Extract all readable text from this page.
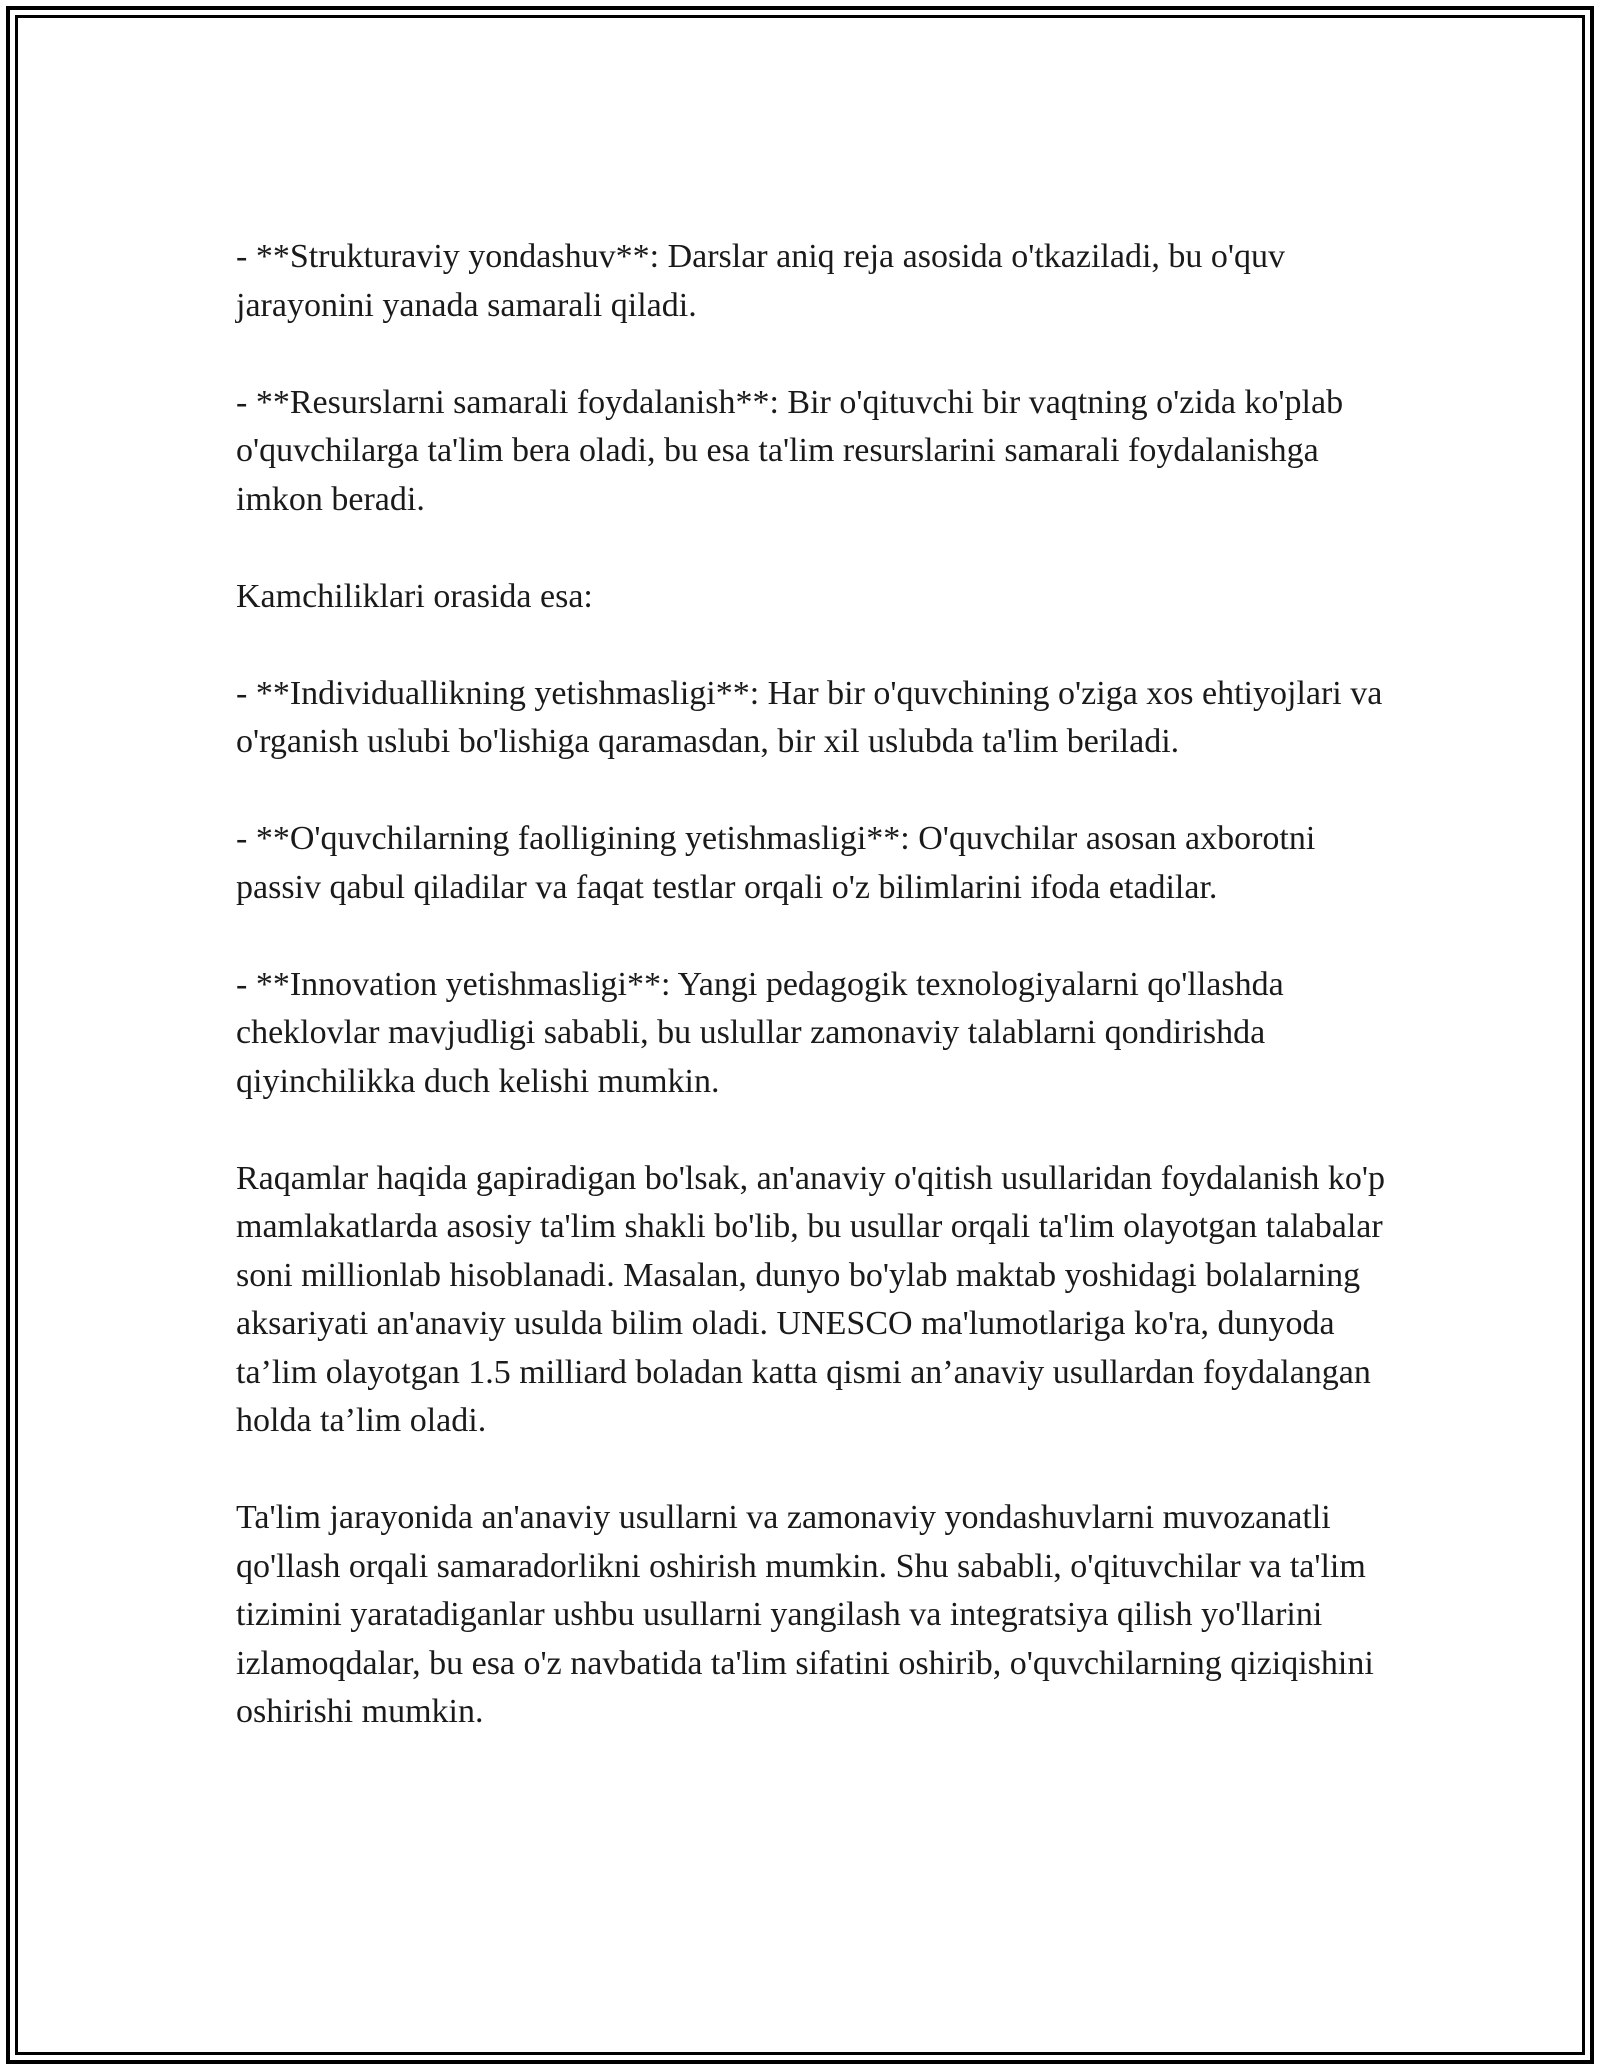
- **Strukturaviy yondashuv**: Darslar aniq reja asosida o'tkaziladi, bu o'quv jarayonini yanada samarali qiladi.

- **Resurslarni samarali foydalanish**: Bir o'qituvchi bir vaqtning o'zida ko'plab o'quvchilarga ta'lim bera oladi, bu esa ta'lim resurslarini samarali foydalanishga imkon beradi.

Kamchiliklari orasida esa:

- **Individuallikning yetishmasligi**: Har bir o'quvchining o'ziga xos ehtiyojlari va o'rganish uslubi bo'lishiga qaramasdan, bir xil uslubda ta'lim beriladi.

- **O'quvchilarning faolligining yetishmasligi**: O'quvchilar asosan axborotni passiv qabul qiladilar va faqat testlar orqali o'z bilimlarini ifoda etadilar.

- **Innovation yetishmasligi**: Yangi pedagogik texnologiyalarni qo'llashda cheklovlar mavjudligi sababli, bu uslullar zamonaviy talablarni qondirishda qiyinchilikka duch kelishi mumkin.

Raqamlar haqida gapiradigan bo'lsak, an'anaviy o'qitish usullaridan foydalanish ko'p mamlakatlarda asosiy ta'lim shakli bo'lib, bu usullar orqali ta'lim olayotgan talabalar soni millionlab hisoblanadi. Masalan, dunyo bo'ylab maktab yoshidagi bolalarning aksariyati an'anaviy usulda bilim oladi. UNESCO ma'lumotlariga ko'ra, dunyoda ta’lim olayotgan 1.5 milliard boladan katta qismi an’anaviy usullardan foydalangan holda ta’lim oladi.

Ta'lim jarayonida an'anaviy usullarni va zamonaviy yondashuvlarni muvozanatli qo'llash orqali samaradorlikni oshirish mumkin. Shu sababli, o'qituvchilar va ta'lim tizimini yaratadiganlar ushbu usullarni yangilash va integratsiya qilish yo'llarini izlamoqdalar, bu esa o'z navbatida ta'lim sifatini oshirib, o'quvchilarning qiziqishini oshirishi mumkin.
